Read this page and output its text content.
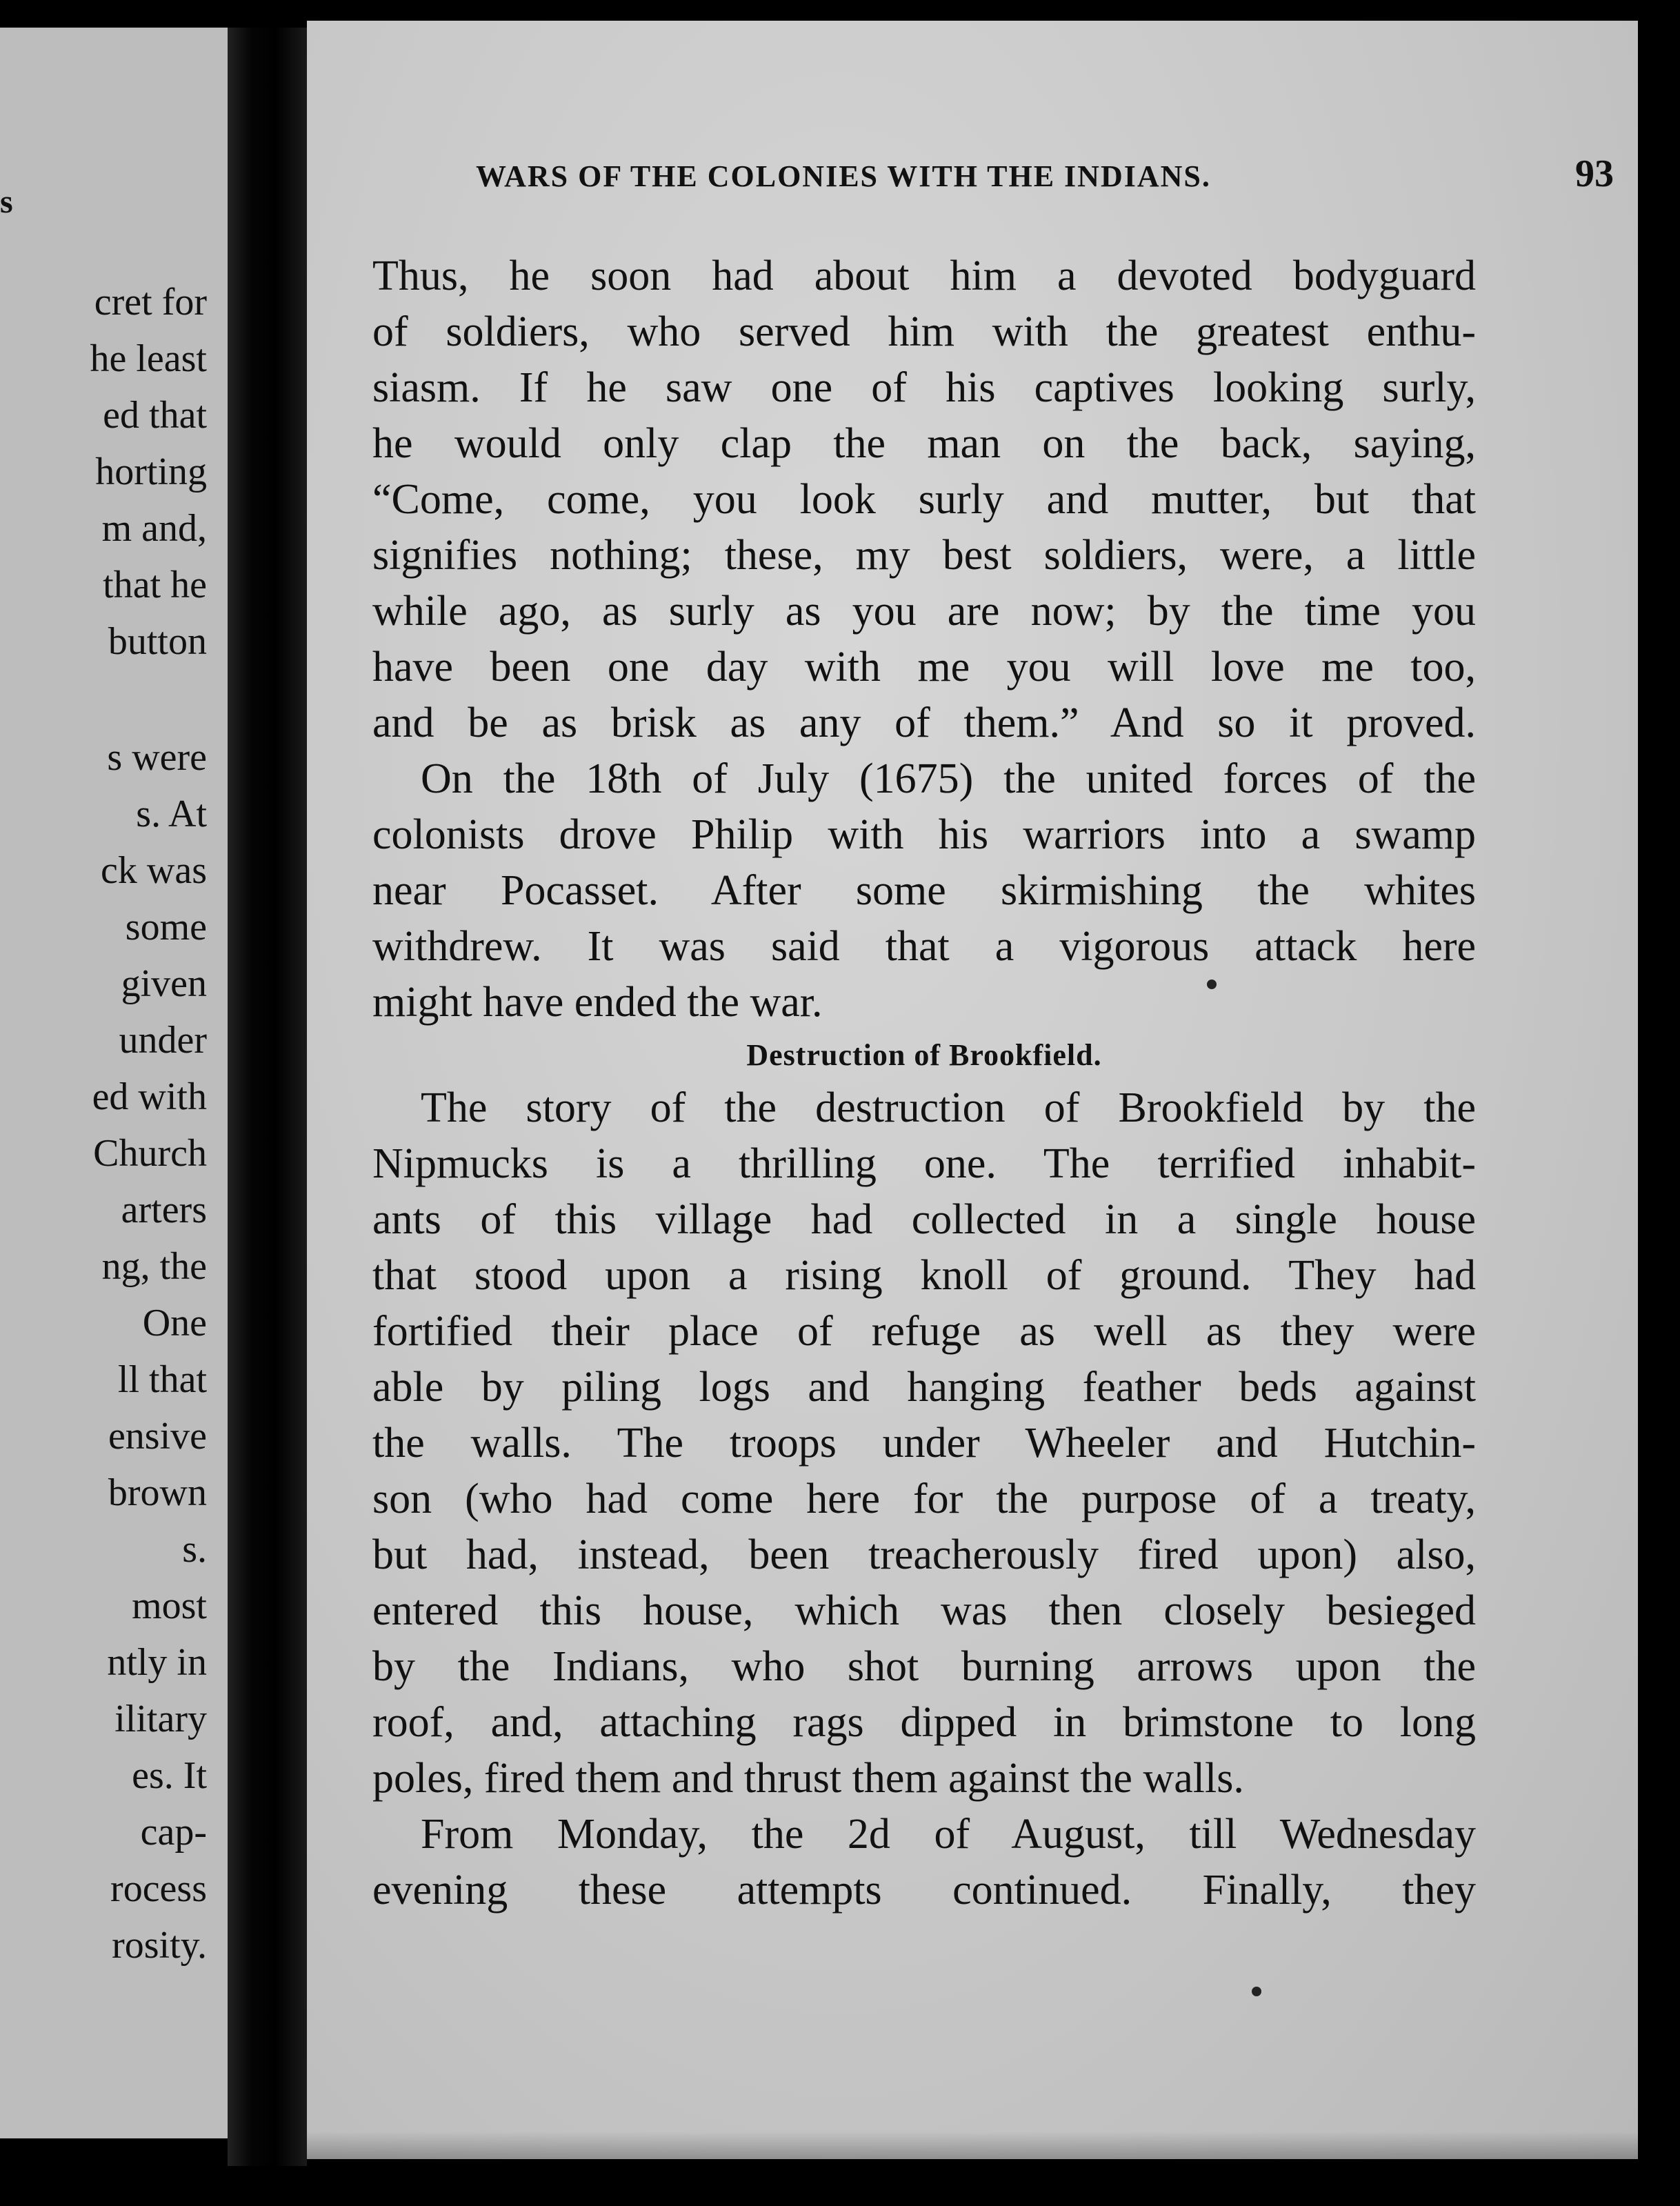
s
cret for
he least
ed that
horting
m and,
that he
button
s were
s. At
ck was
some
given
under
ed with
Church
arters
ng, the
One
ll that
ensive
brown
s.
most
ntly in
ilitary
es. It
cap-
rocess
rosity.
WARS OF THE COLONIES WITH THE INDIANS.	93
Thus, he soon had about him a devoted bodyguard
of soldiers, who served him with the greatest enthu-
siasm. If he saw one of his captives looking surly,
he would only clap the man on the back, saying,
“Come, come, you look surly and mutter, but that
signifies nothing; these, my best soldiers, were, a little
while ago, as surly as you are now; by the time you
have been one day with me you will love me too,
and be as brisk as any of them.” And so it proved.
On the 18th of July (1675) the united forces of the
colonists drove Philip with his warriors into a swamp
near Pocasset. After some skirmishing the whites
withdrew. It was said that a vigorous attack here
might have ended the war.
Destruction of Brookfield.
The story of the destruction of Brookfield by the
Nipmucks is a thrilling one. The terrified inhabit-
ants of this village had collected in a single house
that stood upon a rising knoll of ground. They had
fortified their place of refuge as well as they were
able by piling logs and hanging feather beds against
the walls. The troops under Wheeler and Hutchin-
son (who had come here for the purpose of a treaty,
but had, instead, been treacherously fired upon) also,
entered this house, which was then closely besieged
by the Indians, who shot burning arrows upon the
roof, and, attaching rags dipped in brimstone to long
poles, fired them and thrust them against the walls.
From Monday, the 2d of August, till Wednesday
evening these attempts continued. Finally, they
